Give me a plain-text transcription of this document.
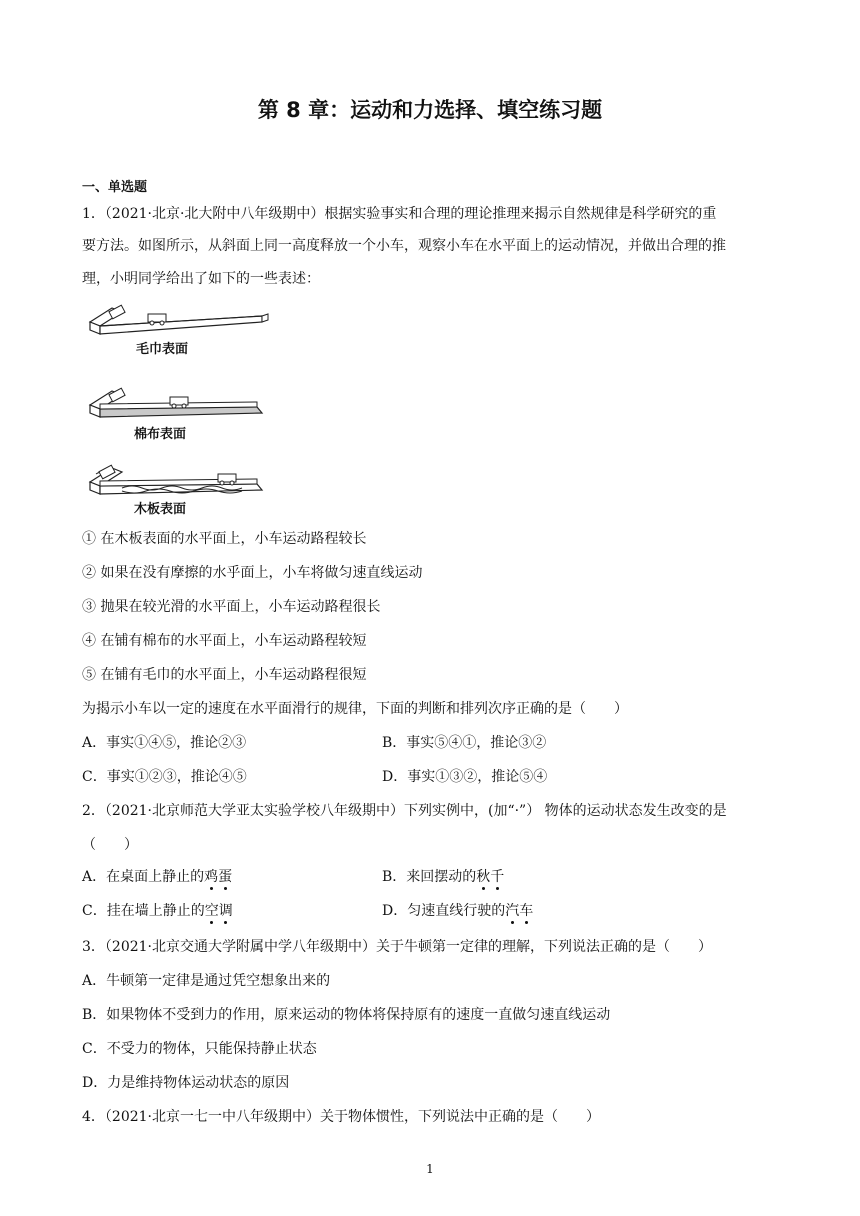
第 8 章：运动和力选择、填空练习题
一、单选题
1．（2021·北京·北大附中八年级期中）根据实验事实和合理的理论推理来揭示自然规律是科学研究的重
要方法。如图所示，从斜面上同一高度释放一个小车，观察小车在水平面上的运动情况，并做出合理的推
理，小明同学给出了如下的一些表述：
毛巾表面
棉布表面
木板表面
① 在木板表面的水平面上，小车运动路程较长
② 如果在没有摩擦的水乎面上，小车将做匀速直线运动
③ 抛果在较光滑的水平面上，小车运动路程很长
④ 在铺有棉布的水平面上，小车运动路程较短
⑤ 在铺有毛巾的水平面上，小车运动路程很短
为揭示小车以一定的速度在水平面滑行的规律，下面的判断和排列次序正确的是（　　）
A．事实①④⑤，推论②③	B．事实⑤④①，推论③②
C．事实①②③，推论④⑤	D．事实①③②，推论⑤④
2．（2021·北京师范大学亚太实验学校八年级期中）下列实例中，(加“·”） 物体的运动状态发生改变的是
（　　）
A．在桌面上静止的鸡蛋	B．来回摆动的秋千
C．挂在墙上静止的空调	D．匀速直线行驶的汽车
3．（2021·北京交通大学附属中学八年级期中）关于牛顿第一定律的理解，下列说法正确的是（　　）
A．牛顿第一定律是通过凭空想象出来的
B．如果物体不受到力的作用，原来运动的物体将保持原有的速度一直做匀速直线运动
C．不受力的物体，只能保持静止状态
D．力是维持物体运动状态的原因
4．（2021·北京一七一中八年级期中）关于物体惯性，下列说法中正确的是（　　）
1
